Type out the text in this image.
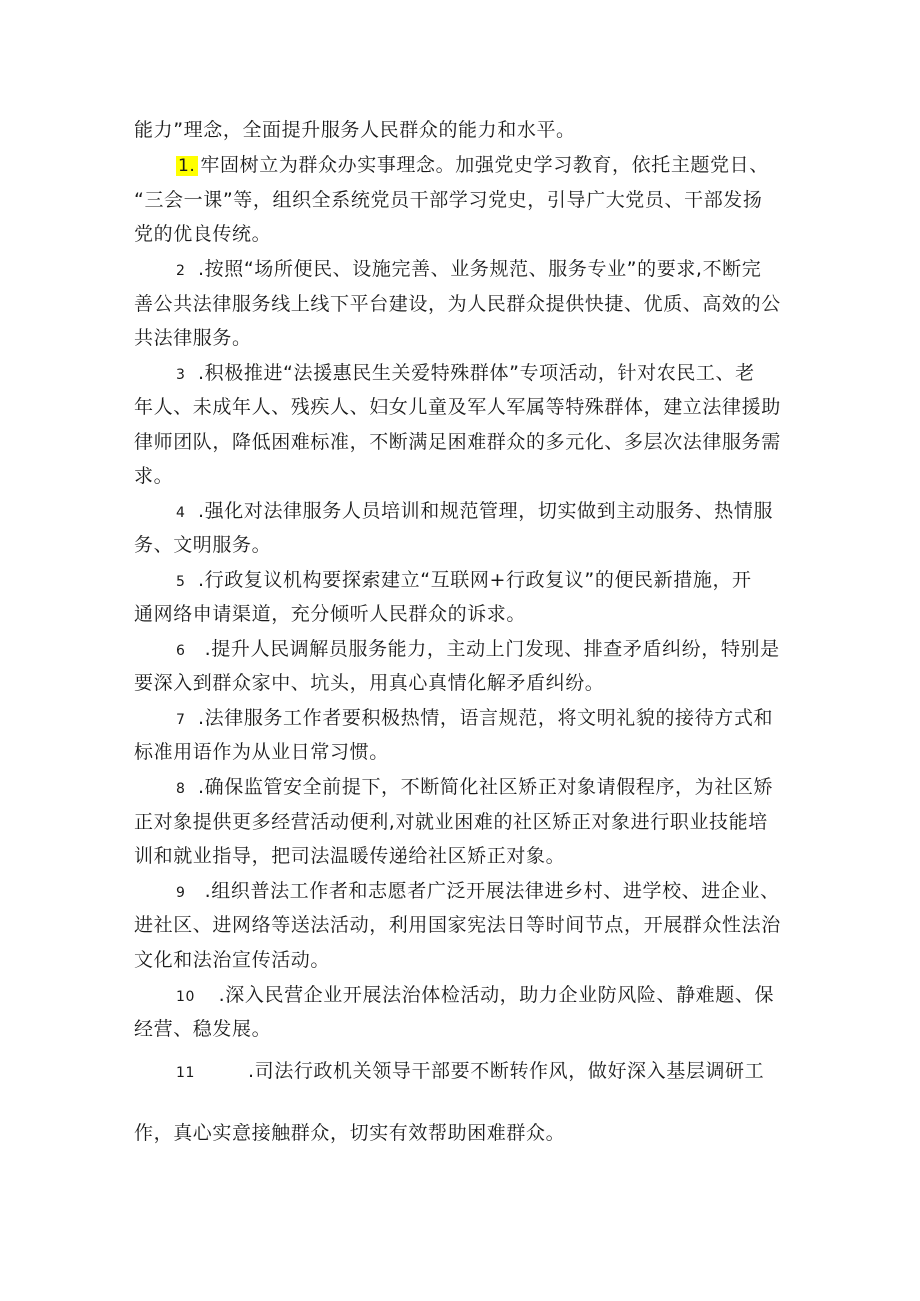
能力”理念，全面提升服务人民群众的能力和水平。
1. 牢固树立为群众办实事理念。加强党史学习教育，依托主题党日、
“三会一课”等，组织全系统党员干部学习党史，引导广大党员、干部发扬
党的优良传统。
2 .按照“场所便民、设施完善、业务规范、服务专业”的要求,不断完
善公共法律服务线上线下平台建设，为人民群众提供快捷、优质、高效的公
共法律服务。
3 .积极推进“法援惠民生关爱特殊群体”专项活动，针对农民工、老
年人、未成年人、残疾人、妇女儿童及军人军属等特殊群体，建立法律援助
律师团队，降低困难标准，不断满足困难群众的多元化、多层次法律服务需
求。
4 .强化对法律服务人员培训和规范管理，切实做到主动服务、热情服
务、文明服务。
5 .行政复议机构要探索建立“互联网+行政复议”的便民新措施，开
通网络申请渠道，充分倾听人民群众的诉求。
6 .提升人民调解员服务能力，主动上门发现、排查矛盾纠纷，特别是
要深入到群众家中、坑头，用真心真情化解矛盾纠纷。
7 .法律服务工作者要积极热情，语言规范，将文明礼貌的接待方式和
标准用语作为从业日常习惯。
8 .确保监管安全前提下，不断简化社区矫正对象请假程序，为社区矫
正对象提供更多经营活动便利,对就业困难的社区矫正对象进行职业技能培
训和就业指导，把司法温暖传递给社区矫正对象。
9 .组织普法工作者和志愿者广泛开展法律进乡村、进学校、进企业、
进社区、进网络等送法活动，利用国家宪法日等时间节点，开展群众性法治
文化和法治宣传活动。
10 .深入民营企业开展法治体检活动，助力企业防风险、静难题、保
经营、稳发展。
11	.司法行政机关领导干部要不断转作风，做好深入基层调研工
作，真心实意接触群众，切实有效帮助困难群众。
